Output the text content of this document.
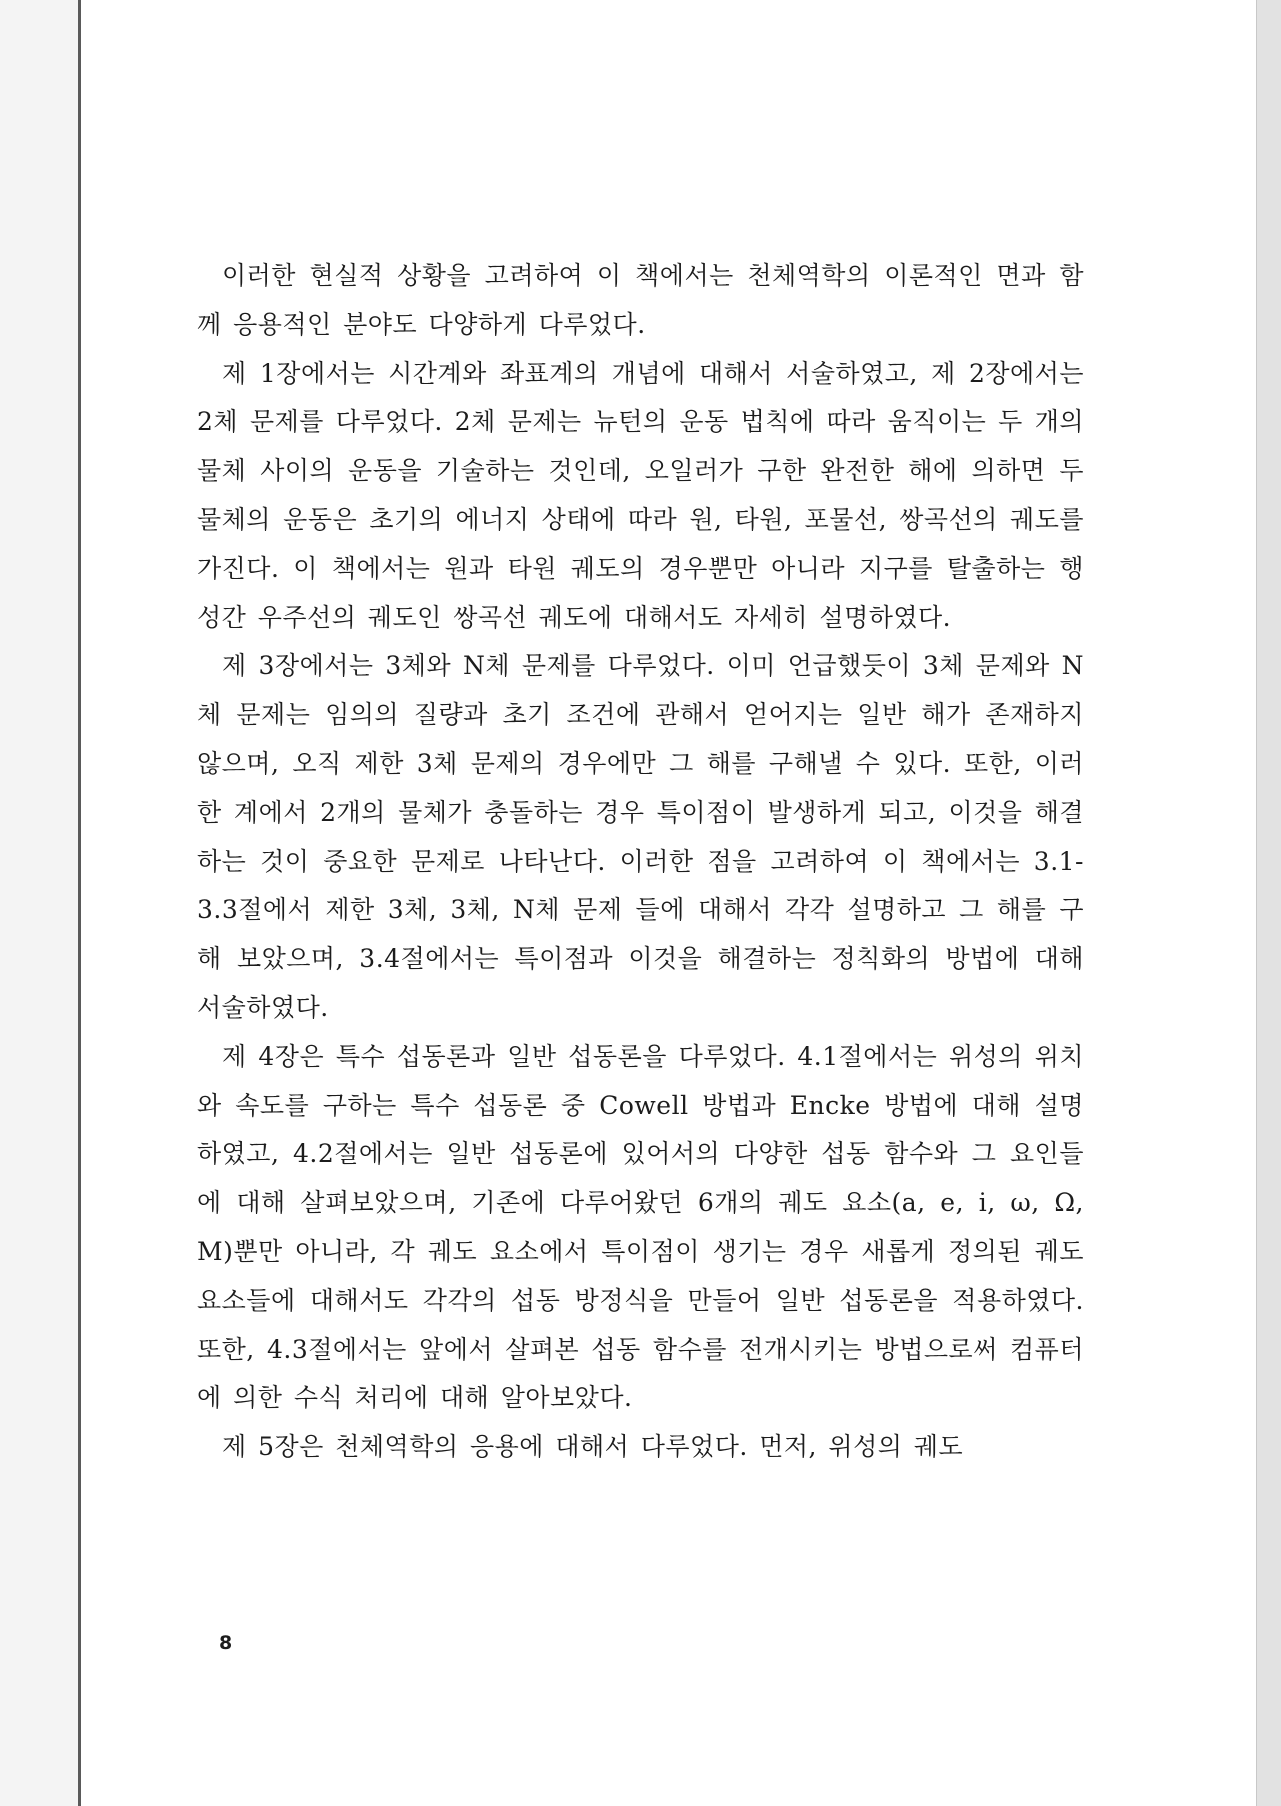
이러한 현실적 상황을 고려하여 이 책에서는 천체역학의 이론적인 면과 함께 응용적인 분야도 다양하게 다루었다.

제 1장에서는 시간계와 좌표계의 개념에 대해서 서술하였고, 제 2장에서는 2체 문제를 다루었다. 2체 문제는 뉴턴의 운동 법칙에 따라 움직이는 두 개의 물체 사이의 운동을 기술하는 것인데, 오일러가 구한 완전한 해에 의하면 두 물체의 운동은 초기의 에너지 상태에 따라 원, 타원, 포물선, 쌍곡선의 궤도를 가진다. 이 책에서는 원과 타원 궤도의 경우뿐만 아니라 지구를 탈출하는 행성간 우주선의 궤도인 쌍곡선 궤도에 대해서도 자세히 설명하였다.

제 3장에서는 3체와 N체 문제를 다루었다. 이미 언급했듯이 3체 문제와 N체 문제는 임의의 질량과 초기 조건에 관해서 얻어지는 일반 해가 존재하지 않으며, 오직 제한 3체 문제의 경우에만 그 해를 구해낼 수 있다. 또한, 이러한 계에서 2개의 물체가 충돌하는 경우 특이점이 발생하게 되고, 이것을 해결하는 것이 중요한 문제로 나타난다. 이러한 점을 고려하여 이 책에서는 3.1-3.3절에서 제한 3체, 3체, N체 문제 들에 대해서 각각 설명하고 그 해를 구해 보았으며, 3.4절에서는 특이점과 이것을 해결하는 정칙화의 방법에 대해 서술하였다.

제 4장은 특수 섭동론과 일반 섭동론을 다루었다. 4.1절에서는 위성의 위치와 속도를 구하는 특수 섭동론 중 Cowell 방법과 Encke 방법에 대해 설명하였고, 4.2절에서는 일반 섭동론에 있어서의 다양한 섭동 함수와 그 요인들에 대해 살펴보았으며, 기존에 다루어왔던 6개의 궤도 요소(a, e, i, ω, Ω, M)뿐만 아니라, 각 궤도 요소에서 특이점이 생기는 경우 새롭게 정의된 궤도 요소들에 대해서도 각각의 섭동 방정식을 만들어 일반 섭동론을 적용하였다. 또한, 4.3절에서는 앞에서 살펴본 섭동 함수를 전개시키는 방법으로써 컴퓨터에 의한 수식 처리에 대해 알아보았다.

제 5장은 천체역학의 응용에 대해서 다루었다. 먼저, 위성의 궤도

8
